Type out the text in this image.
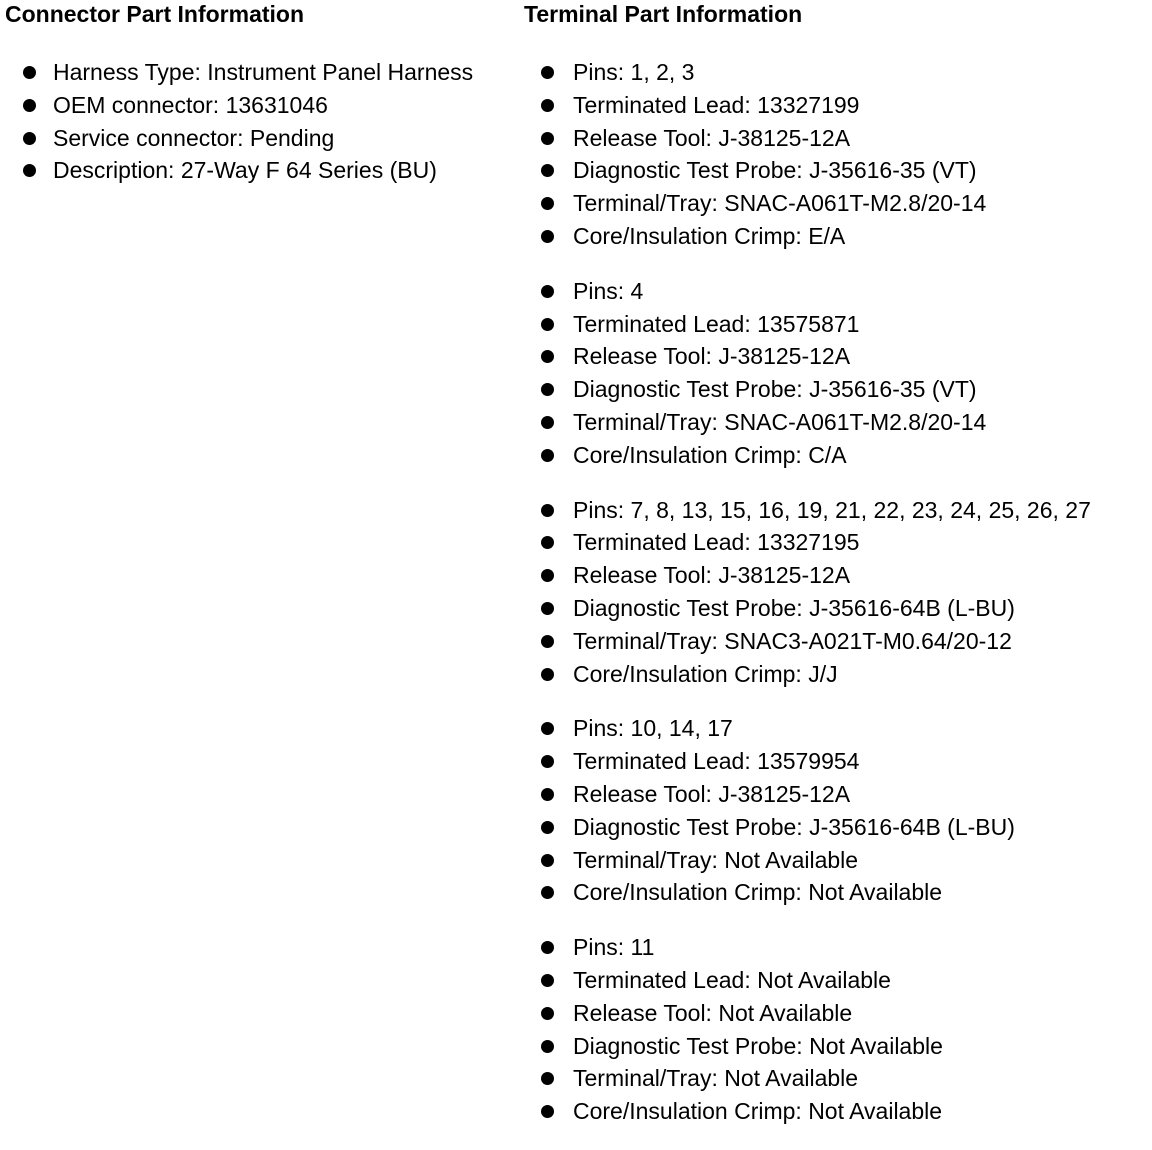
Connector Part Information
Harness Type: Instrument Panel Harness
OEM connector: 13631046
Service connector: Pending
Description: 27-Way F 64 Series (BU)
Terminal Part Information
Pins: 1, 2, 3
Terminated Lead: 13327199
Release Tool: J-38125-12A
Diagnostic Test Probe: J-35616-35 (VT)
Terminal/Tray: SNAC-A061T-M2.8/20-14
Core/Insulation Crimp: E/A
Pins: 4
Terminated Lead: 13575871
Release Tool: J-38125-12A
Diagnostic Test Probe: J-35616-35 (VT)
Terminal/Tray: SNAC-A061T-M2.8/20-14
Core/Insulation Crimp: C/A
Pins: 7, 8, 13, 15, 16, 19, 21, 22, 23, 24, 25, 26, 27
Terminated Lead: 13327195
Release Tool: J-38125-12A
Diagnostic Test Probe: J-35616-64B (L-BU)
Terminal/Tray: SNAC3-A021T-M0.64/20-12
Core/Insulation Crimp: J/J
Pins: 10, 14, 17
Terminated Lead: 13579954
Release Tool: J-38125-12A
Diagnostic Test Probe: J-35616-64B (L-BU)
Terminal/Tray: Not Available
Core/Insulation Crimp: Not Available
Pins: 11
Terminated Lead: Not Available
Release Tool: Not Available
Diagnostic Test Probe: Not Available
Terminal/Tray: Not Available
Core/Insulation Crimp: Not Available
